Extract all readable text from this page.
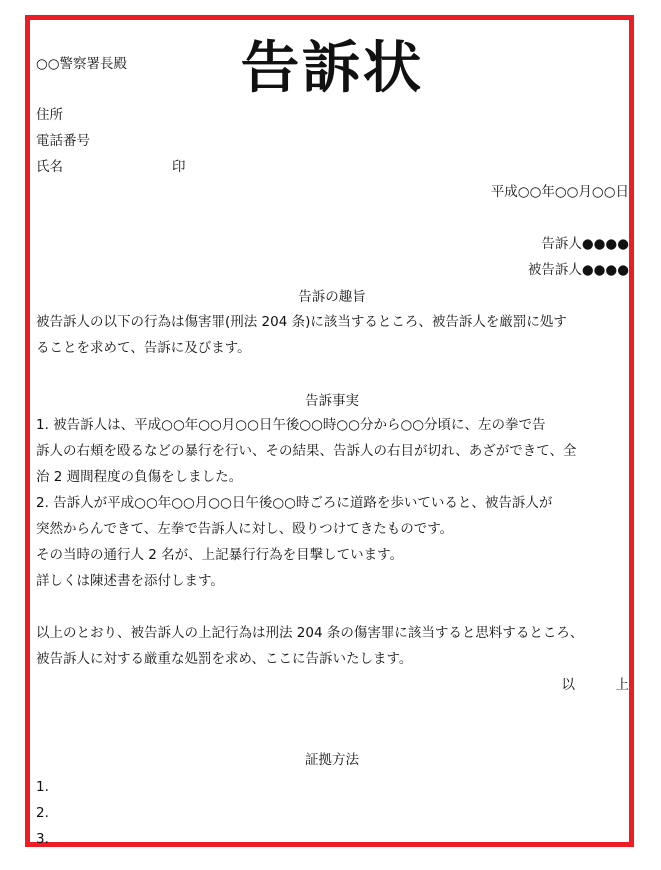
○○警察署長殿	告訴状
住所
電話番号
氏名	印
平成○○年○○月○○日
告訴人●●●●
被告訴人●●●●
告訴の趣旨
被告訴人の以下の行為は傷害罪(刑法 204 条)に該当するところ、被告訴人を厳罰に処す
ることを求めて、告訴に及びます。
告訴事実
1. 被告訴人は、平成○○年○○月○○日午後○○時○○分から○○分頃に、左の拳で告
訴人の右頬を殴るなどの暴行を行い、その結果、告訴人の右目が切れ、あざができて、全
治 2 週間程度の負傷をしました。
2. 告訴人が平成○○年○○月○○日午後○○時ごろに道路を歩いていると、被告訴人が
突然からんできて、左拳で告訴人に対し、殴りつけてきたものです。
その当時の通行人 2 名が、上記暴行行為を目撃しています。
詳しくは陳述書を添付します。
以上のとおり、被告訴人の上記行為は刑法 204 条の傷害罪に該当すると思料するところ、
被告訴人に対する厳重な処罰を求め、ここに告訴いたします。
以　　　上
証拠方法
1.
2.
3.
